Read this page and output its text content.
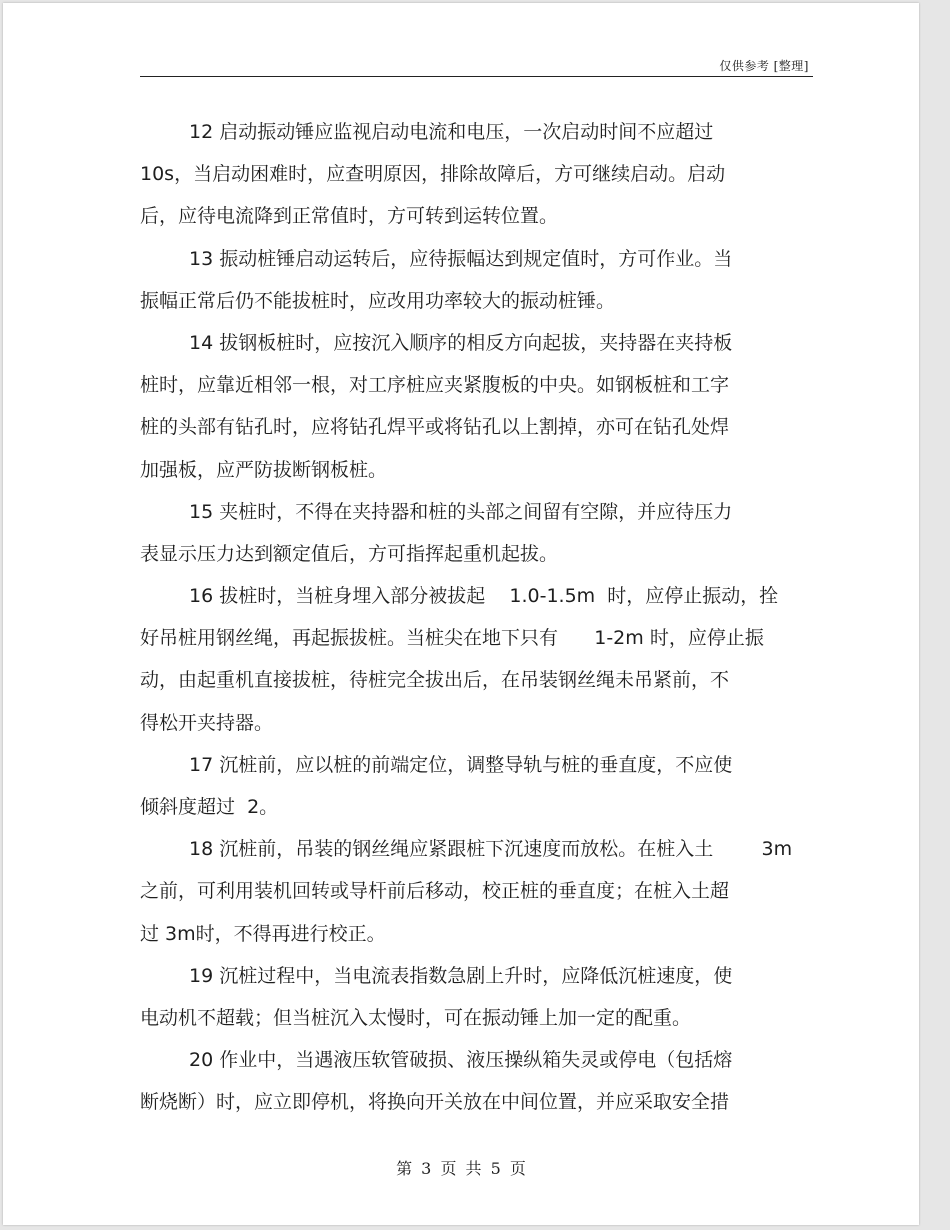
仅供参考 [整理]
12 启动振动锤应监视启动电流和电压，一次启动时间不应超过
10s，当启动困难时，应查明原因，排除故障后，方可继续启动。启动
后，应待电流降到正常值时，方可转到运转位置。
13 振动桩锤启动运转后，应待振幅达到规定值时，方可作业。当
振幅正常后仍不能拔桩时，应改用功率较大的振动桩锤。
14 拔钢板桩时，应按沉入顺序的相反方向起拔，夹持器在夹持板
桩时，应靠近相邻一根，对工序桩应夹紧腹板的中央。如钢板桩和工字
桩的头部有钻孔时，应将钻孔焊平或将钻孔以上割掉，亦可在钻孔处焊
加强板，应严防拔断钢板桩。
15 夹桩时，不得在夹持器和桩的头部之间留有空隙，并应待压力
表显示压力达到额定值后，方可指挥起重机起拔。
16 拔桩时，当桩身埋入部分被拔起    1.0-1.5m  时，应停止振动，拴
好吊桩用钢丝绳，再起振拔桩。当桩尖在地下只有      1-2m 时，应停止振
动，由起重机直接拔桩，待桩完全拔出后，在吊装钢丝绳未吊紧前，不
得松开夹持器。
17 沉桩前，应以桩的前端定位，调整导轨与桩的垂直度，不应使
倾斜度超过  2。
18 沉桩前，吊装的钢丝绳应紧跟桩下沉速度而放松。在桩入土        3m
之前，可利用装机回转或导杆前后移动，校正桩的垂直度；在桩入土超
过 3m时，不得再进行校正。
19 沉桩过程中，当电流表指数急剧上升时，应降低沉桩速度，使
电动机不超载；但当桩沉入太慢时，可在振动锤上加一定的配重。
20 作业中，当遇液压软管破损、液压操纵箱失灵或停电（包括熔
断烧断）时，应立即停机，将换向开关放在中间位置，并应采取安全措
第 3 页 共 5 页
